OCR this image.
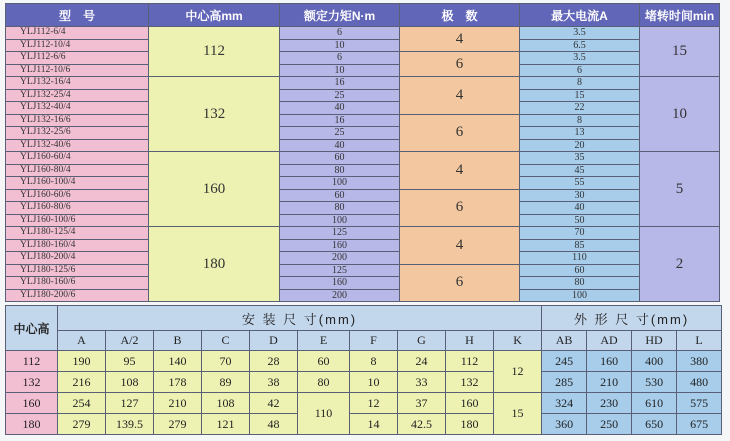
型　号	中心高mm	额定力矩N·m	极　数	最大电流A	堵转时间min
YLJ112-6/4	112	6	4	3.5	15
YLJ112-10/4		10		6.5	
YLJ112-6/6		6	6	3.5	
YLJ112-10/6		10		6	
YLJ132-16/4	132	16	4	8	10
YLJ132-25/4		25		15	
YLJ132-40/4		40		22	
YLJ132-16/6		16	6	8	
YLJ132-25/6		25		13	
YLJ132-40/6		40		20	
YLJ160-60/4	160	60	4	35	5
YLJ160-80/4		80		45	
YLJ160-100/4		100		55	
YLJ160-60/6		60	6	30	
YLJ160-80/6		80		40	
YLJ160-100/6		100		50	
YLJ180-125/4	180	125	4	70	2
YLJ180-160/4		160		85	
YLJ180-200/4		200		110	
YLJ180-125/6		125	6	60	
YLJ180-160/6		160		80	
YLJ180-200/6		200		100	
中心高	安 装 尺 寸(mm)										外 形 尺 寸(mm)			
	A	A/2	B	C	D	E	F	G	H	K	AB	AD	HD	L
112	190	95	140	70	28	60	8	24	112	12	245	160	400	380
132	216	108	178	89	38	80	10	33	132		285	210	530	480
160	254	127	210	108	42	110	12	37	160	15	324	230	610	575
180	279	139.5	279	121	48		14	42.5	180		360	250	650	675
